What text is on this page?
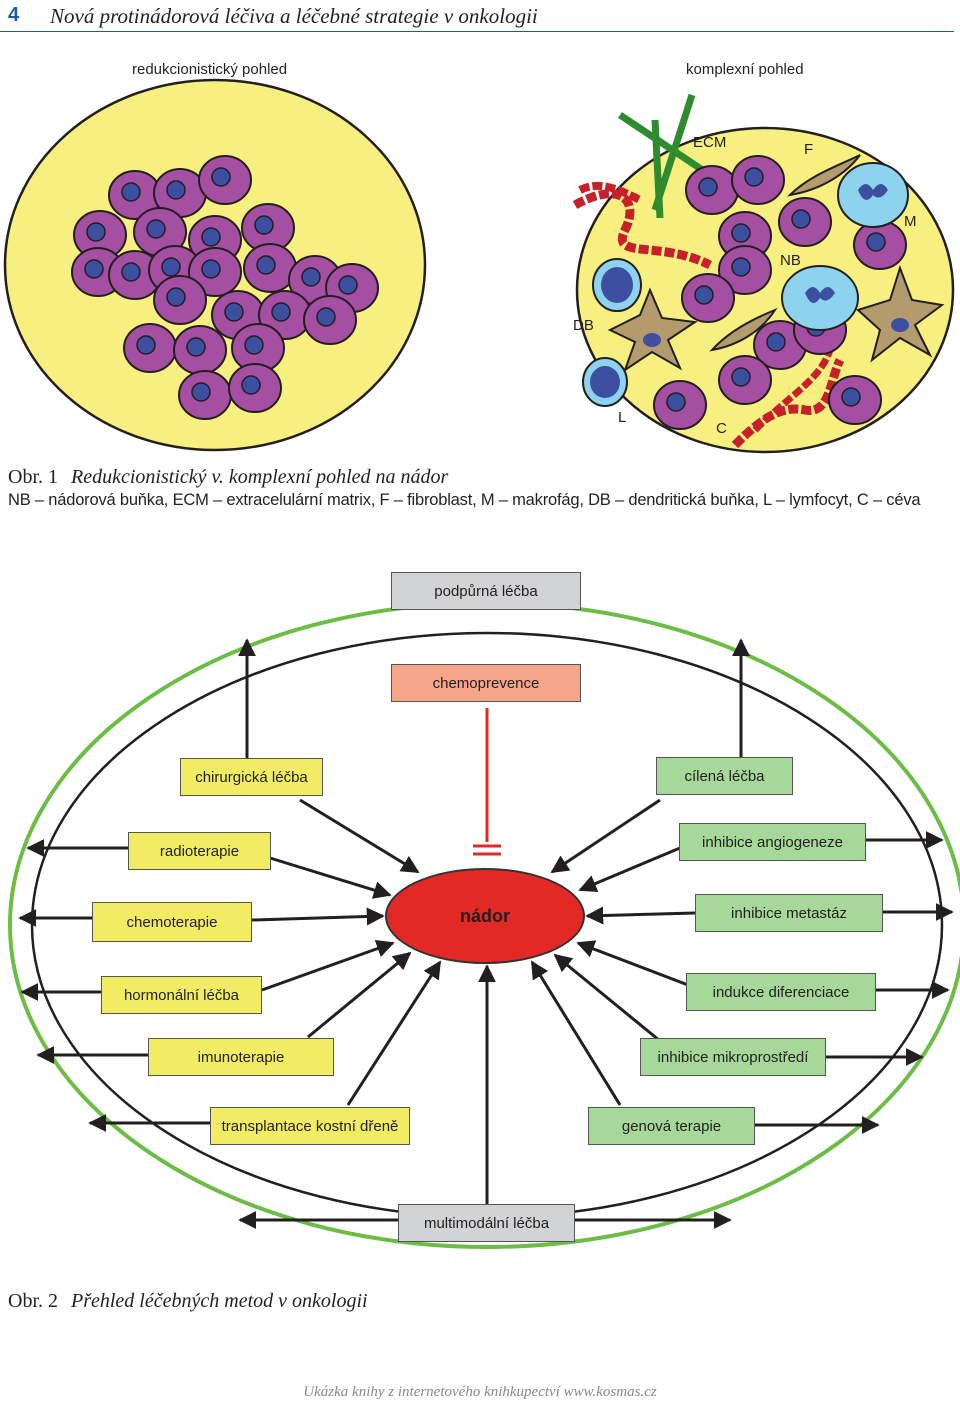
4 Nová protinádorová léčiva a léčebné strategie v onkologii
redukcionistický pohled	komplexní pohled
ECM	F
M
NB
DB
L
C
Obr. 1 Redukcionistický v. komplexní pohled na nádor
NB – nádorová buňka, ECM – extracelulární matrix, F – fibroblast, M – makrofág, DB – dendritická buňka, L – lymfocyt, C – céva
podpůrná léčba
chemoprevence
chirurgická léčba
radioterapie
chemoterapie
hormonální léčba
imunoterapie
transplantace kostní dřeně
cílená léčba
inhibice angiogeneze
inhibice metastáz
indukce diferenciace
inhibice mikroprostředí
genová terapie
multimodální léčba
nádor
Obr. 2 Přehled léčebných metod v onkologii
Ukázka knihy z internetového knihkupectví www.kosmas.cz
